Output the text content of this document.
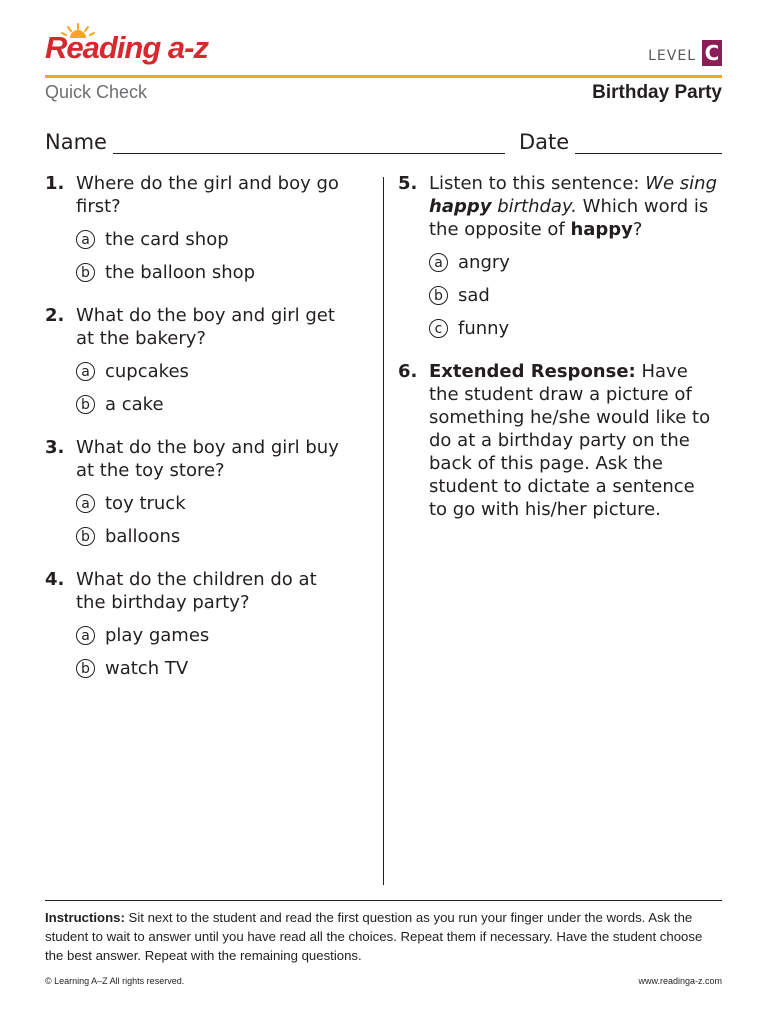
Reading a-z	LEVEL C
Quick Check	Birthday Party
Name	Date
1. Where do the girl and boy go first?
a the card shop
b the balloon shop
2. What do the boy and girl get at the bakery?
a cupcakes
b a cake
3. What do the boy and girl buy at the toy store?
a toy truck
b balloons
4. What do the children do at the birthday party?
a play games
b watch TV
5. Listen to this sentence: We sing happy birthday. Which word is the opposite of happy?
a angry
b sad
c funny
6. Extended Response: Have the student draw a picture of something he/she would like to do at a birthday party on the back of this page. Ask the student to dictate a sentence to go with his/her picture.
Instructions: Sit next to the student and read the first question as you run your finger under the words. Ask the student to wait to answer until you have read all the choices. Repeat them if necessary. Have the student choose the best answer. Repeat with the remaining questions.
© Learning A–Z All rights reserved.	www.readinga-z.com
